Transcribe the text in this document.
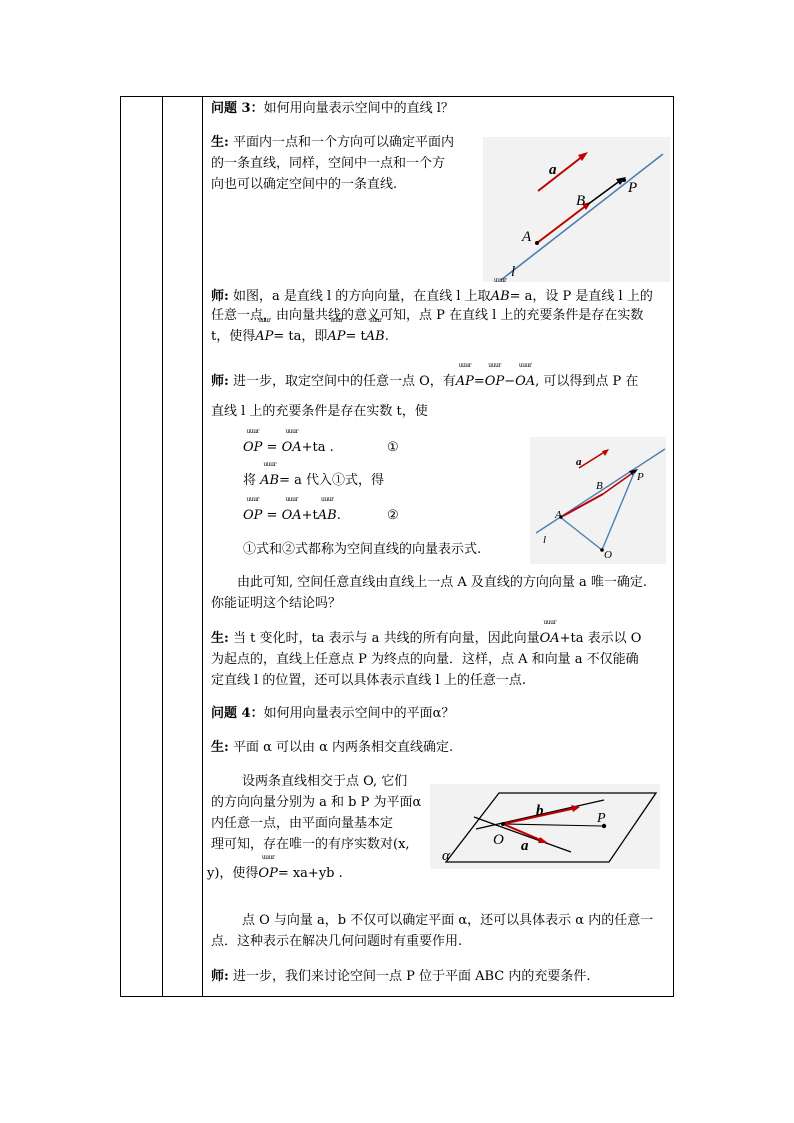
问题 3：如何用向量表示空间中的直线 l？

生: 平面内一点和一个方向可以确定平面内

的一条直线，同样，空间中一点和一个方

向也可以确定空间中的一条直线.

a
B
P
A
l

师: 如图，a 是直线 l 的方向向量，在直线 l 上取uuur AB= a，设 P 是直线 l 上的

任意一点，由向量共线的意义可知，点 P 在直线 l 上的充要条件是存在实数

t，使得uuur AP= ta，即uuur AP= tuuur AB.

师: 进一步，取定空间中的任意一点 O，有uuur AP=uuur OP−uuur OA, 可以得到点 P 在

直线 l 上的充要条件是存在实数 t，使

uuur OP = uuur OA+ta .	①

将 uuur AB= a 代入①式，得

uuur OP = uuur OA+tuuur AB.	②

①式和②式都称为空间直线的向量表示式.

a
B
P
A
l
O

由此可知, 空间任意直线由直线上一点 A 及直线的方向向量 a 唯一确定.

你能证明这个结论吗？

生: 当 t 变化时，ta 表示与 a 共线的所有向量，因此向量uuur OA+ta 表示以 O

为起点的，直线上任意点 P 为终点的向量．这样，点 A 和向量 a 不仅能确

定直线 l 的位置，还可以具体表示直线 l 上的任意一点.

问题 4：如何用向量表示空间中的平面α？

生: 平面 α 可以由 α 内两条相交直线确定.

设两条直线相交于点 O, 它们

的方向向量分别为 a 和 b P 为平面α

内任意一点，由平面向量基本定

理可知，存在唯一的有序实数对(x,

y)，使得uuur OP= xa+yb .

b
a
O
P
α

点 O 与向量 a，b 不仅可以确定平面 α，还可以具体表示 α 内的任意一

点．这种表示在解决几何问题时有重要作用.

师: 进一步，我们来讨论空间一点 P 位于平面 ABC 内的充要条件.
